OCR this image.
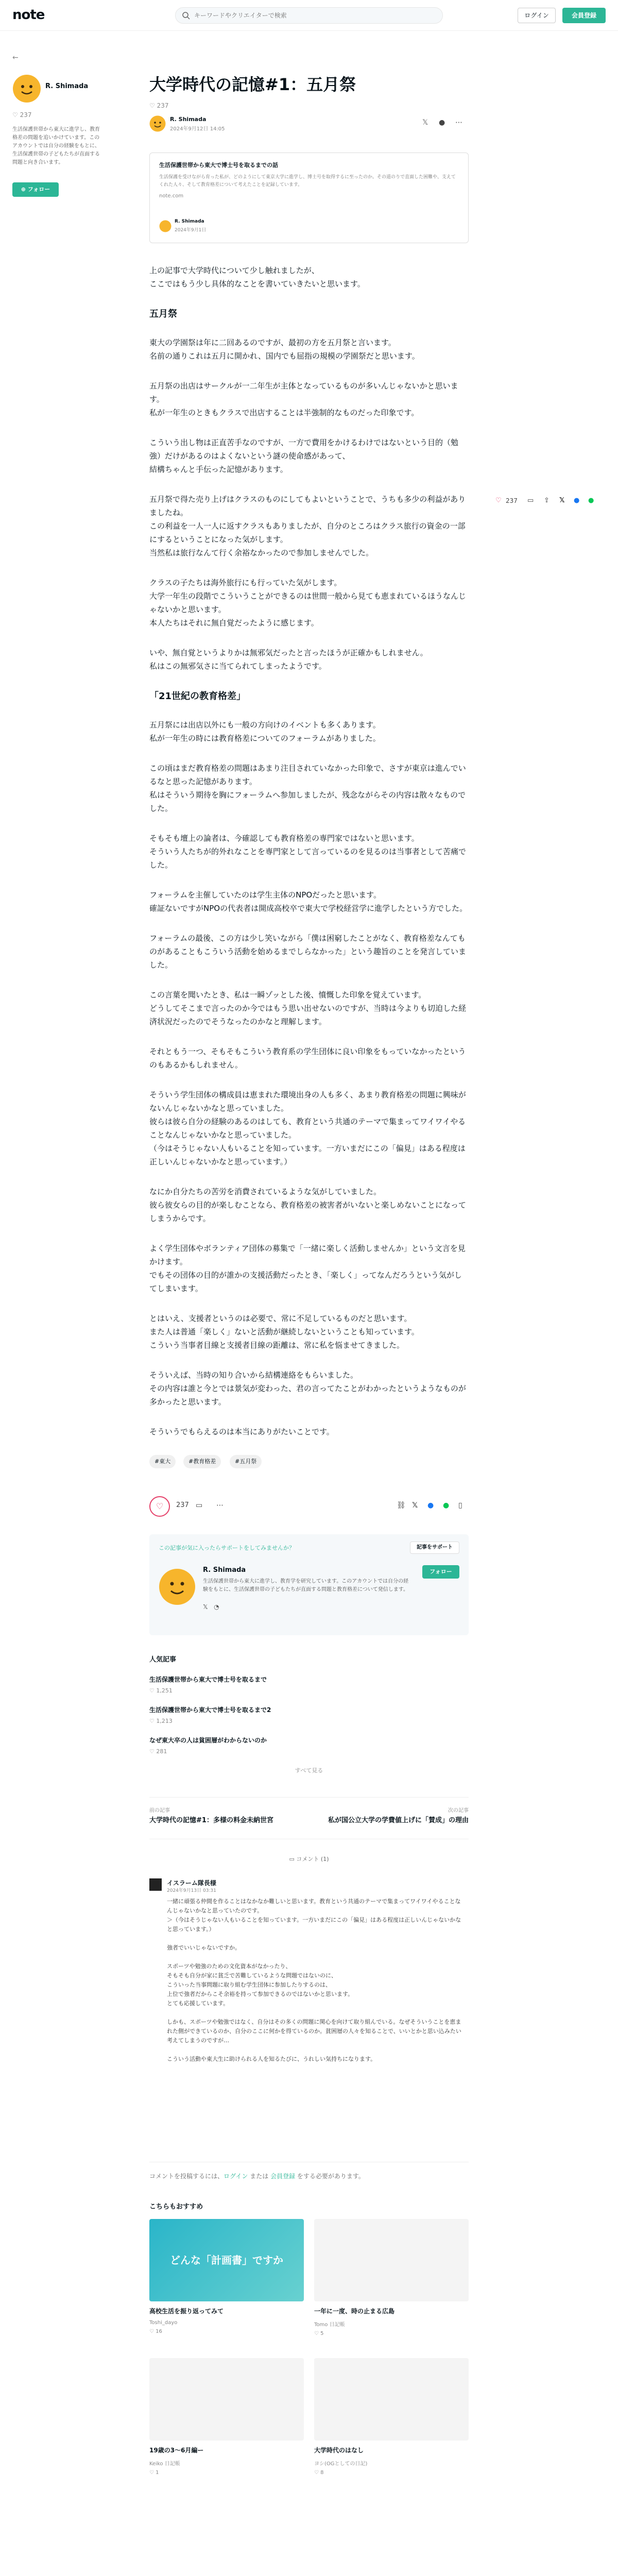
note
キーワードやクリエイターで検索	ログイン	会員登録
←
R. Shimada
♡ 237
生活保護世帯から東大に進学し、教育格差の問題を追いかけています。このアカウントでは自分の経験をもとに、生活保護世帯の子どもたちが直面する問題と向き合います。
⊕ フォロー
♡ 237 ▭ ⇪ 𝕏 ● ●
大学時代の記憶#1：五月祭
♡ 237
R. Shimada
2024年9月12日 14:05
𝕏 ● ⋯
生活保護世帯から東大で博士号を取るまでの話
生活保護を受けながら育った私が、どのようにして東京大学に進学し、博士号を取得するに至ったのか。その道のりで直面した困難や、支えてくれた人々、そして教育格差について考えたことを記録しています。
note.com
R. Shimada
2024年9月1日

上の記事で大学時代について少し触れましたが、
ここではもう少し具体的なことを書いていきたいと思います。

五月祭

東大の学園祭は年に二回あるのですが、最初の方を五月祭と言います。
名前の通りこれは五月に開かれ、国内でも屈指の規模の学園祭だと思います。

五月祭の出店はサークルが一二年生が主体となっているものが多いんじゃないかと思います。
私が一年生のときもクラスで出店することは半強制的なものだった印象です。

こういう出し物は正直苦手なのですが、一方で費用をかけるわけではないという目的（勉強）だけがあるのはよくないという謎の使命感があって、
結構ちゃんと手伝った記憶があります。

五月祭で得た売り上げはクラスのものにしてもよいということで、うちも多少の利益がありましたね。
この利益を一人一人に返すクラスもありましたが、自分のところはクラス旅行の資金の一部にするということになった気がします。
当然私は旅行なんて行く余裕なかったので参加しませんでした。

クラスの子たちは海外旅行にも行っていた気がします。
大学一年生の段階でこういうことができるのは世間一般から見ても恵まれているほうなんじゃないかと思います。
本人たちはそれに無自覚だったように感じます。

いや、無自覚というよりかは無邪気だったと言ったほうが正確かもしれません。
私はこの無邪気さに当てられてしまったようです。

「21世紀の教育格差」

五月祭には出店以外にも一般の方向けのイベントも多くあります。
私が一年生の時には教育格差についてのフォーラムがありました。

この頃はまだ教育格差の問題はあまり注目されていなかった印象で、さすが東京は進んでいるなと思った記憶があります。
私はそういう期待を胸にフォーラムへ参加しましたが、残念ながらその内容は散々なものでした。

そもそも壇上の論者は、今確認しても教育格差の専門家ではないと思います。
そういう人たちが的外れなことを専門家として言っているのを見るのは当事者として苦痛でした。

フォーラムを主催していたのは学生主体のNPOだったと思います。
確証ないですがNPOの代表者は開成高校卒で東大で学校経営学に進学したという方でした。

フォーラムの最後、この方は少し笑いながら「僕は困窮したことがなく、教育格差なんてものがあることもこういう活動を始めるまでしらなかった」という趣旨のことを発言していました。

この言葉を聞いたとき、私は一瞬ゾッとした後、憤慨した印象を覚えています。
どうしてそこまで言ったのか今ではもう思い出せないのですが、当時は今よりも切迫した経済状況だったのでそうなったのかなと理解します。

それともう一つ、そもそもこういう教育系の学生団体に良い印象をもっていなかったというのもあるかもしれません。

そういう学生団体の構成員は恵まれた環境出身の人も多く、あまり教育格差の問題に興味がないんじゃないかなと思っていました。
彼らは彼ら自分の経験のあるのはしても、教育という共通のテーマで集まってワイワイやることなんじゃないかなと思っていました。
（今はそうじゃない人もいることを知っています。一方いまだにこの「偏見」はある程度は正しいんじゃないかなと思っています。）

なにか自分たちの苦労を消費されているような気がしていました。
彼ら彼女らの目的が楽しむことなら、教育格差の被害者がいないと楽しめないことになってしまうからです。

よく学生団体やボランティア団体の募集で「一緒に楽しく活動しませんか」という文言を見かけます。
でもその団体の目的が誰かの支援活動だったとき、「楽しく」ってなんだろうという気がしてしまいます。

とはいえ、支援者というのは必要で、常に不足しているものだと思います。
また人は普通「楽しく」ないと活動が継続しないということも知っています。
こういう当事者目線と支援者目線の距離は、常に私を悩ませてきました。

そういえば、当時の知り合いから結構連絡をもらいました。
その内容は誰と今とでは景気が変わった、君の言ってたことがわかったというようなものが多かったと思います。

そういうでもらえるのは本当にありがたいことです。

#東大	#教育格差	#五月祭
♡	237 ▭ ⋯	⛓ 𝕏 ● ● ▯
この記事が気に入ったらサポートをしてみませんか？	記事をサポート
R. Shimada
生活保護世帯から東大に進学し、教育学を研究しています。このアカウントでは自分の経験をもとに、生活保護世帯の子どもたちが直面する問題と教育格差について発信します。
フォロー
𝕏 ◔
人気記事
生活保護世帯から東大で博士号を取るまで
♡ 1,251
生活保護世帯から東大で博士号を取るまで2
♡ 1,213
なぜ東大卒の人は貧困層がわからないのか
♡ 281
すべて見る
前の記事
大学時代の記憶#1：多様の料金未納世宮
次の記事
私が国公立大学の学費値上げに「賛成」の理由
▭ コメント (1)
イスラーム隊長様
2024年9月13日 03:31
一緒に頑張る仲間を作ることはなかなか難しいと思います。教育という共通のテーマで集まってワイワイやることなんじゃないかなと思っていたのです。
＞（今はそうじゃない人もいることを知っています。一方いまだにこの「偏見」はある程度は正しいんじゃないかなと思っています。）

強者でいいじゃないですか。

スポーツや勉強のための文化資本がなかったり、
そもそも自分が家に貧乏で苦難しているような問題ではないのに、
こういった当事問題に取り組む学生団体に参加したりするのは、
上位で強者だからこそ余裕を持って参加できるのではないかと思います。
とても応援しています。

しかも、スポーツや勉強ではなく、自分はその多くの問題に関心を向けて取り組んでいる。なぜそういうことを恵まれた側ができているのか、自分のここに何かを得ているのか。貧困層の人々を知ることで、いいとかと思い込みたい考えてしまうのですが…

こういう活動や東大生に助けられる人を知るたびに、うれしい気持ちになります。
コメントを投稿するには、ログイン または 会員登録 をする必要があります。
こちらもおすすめ
どんな「計画書」ですか
高校生活を振り返ってみて
Toshi_dayo
♡ 16
一年に一度、時の止まる広島
Tomo 日記帳
♡ 5
19歳の3〜6月編ー
Keiko 日記帳
♡ 1
大学時代のはなし
ヨシ(OGとしての日記)
♡ 8
